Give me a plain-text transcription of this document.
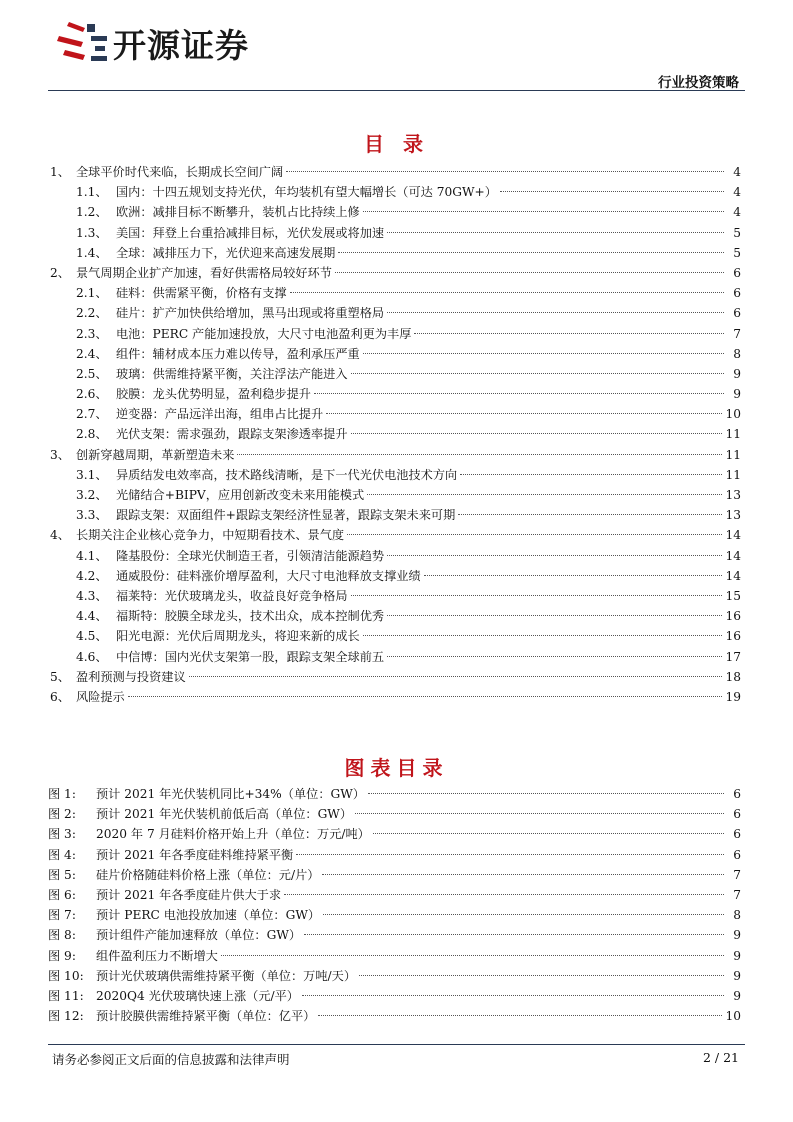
开源证券
行业投资策略
目 录
1、 全球平价时代来临，长期成长空间广阔	4
1.1、 国内：十四五规划支持光伏，年均装机有望大幅增长（可达 70GW+）	4
1.2、 欧洲：减排目标不断攀升，装机占比持续上修	4
1.3、 美国：拜登上台重拾减排目标，光伏发展或将加速	5
1.4、 全球：减排压力下，光伏迎来高速发展期	5
2、 景气周期企业扩产加速，看好供需格局较好环节	6
2.1、 硅料：供需紧平衡，价格有支撑	6
2.2、 硅片：扩产加快供给增加，黑马出现或将重塑格局	6
2.3、 电池：PERC 产能加速投放，大尺寸电池盈利更为丰厚	7
2.4、 组件：辅材成本压力难以传导，盈利承压严重	8
2.5、 玻璃：供需维持紧平衡，关注浮法产能进入	9
2.6、 胶膜：龙头优势明显，盈利稳步提升	9
2.7、 逆变器：产品远洋出海，组串占比提升	10
2.8、 光伏支架：需求强劲，跟踪支架渗透率提升	11
3、 创新穿越周期，革新塑造未来	11
3.1、 异质结发电效率高，技术路线清晰，是下一代光伏电池技术方向	11
3.2、 光储结合+BIPV，应用创新改变未来用能模式	13
3.3、 跟踪支架：双面组件+跟踪支架经济性显著，跟踪支架未来可期	13
4、 长期关注企业核心竞争力，中短期看技术、景气度	14
4.1、 隆基股份：全球光伏制造王者，引领清洁能源趋势	14
4.2、 通威股份：硅料涨价增厚盈利，大尺寸电池释放支撑业绩	14
4.3、 福莱特：光伏玻璃龙头，收益良好竞争格局	15
4.4、 福斯特：胶膜全球龙头，技术出众，成本控制优秀	16
4.5、 阳光电源：光伏后周期龙头，将迎来新的成长	16
4.6、 中信博：国内光伏支架第一股，跟踪支架全球前五	17
5、 盈利预测与投资建议	18
6、 风险提示	19
图表目录
图 1:	预计 2021 年光伏装机同比+34%（单位：GW）	6
图 2:	预计 2021 年光伏装机前低后高（单位：GW）	6
图 3:	2020 年 7 月硅料价格开始上升（单位：万元/吨）	6
图 4:	预计 2021 年各季度硅料维持紧平衡	6
图 5:	硅片价格随硅料价格上涨（单位：元/片）	7
图 6:	预计 2021 年各季度硅片供大于求	7
图 7:	预计 PERC 电池投放加速（单位：GW）	8
图 8:	预计组件产能加速释放（单位：GW）	9
图 9:	组件盈利压力不断增大	9
图 10:	预计光伏玻璃供需维持紧平衡（单位：万吨/天）	9
图 11:	2020Q4 光伏玻璃快速上涨（元/平）	9
图 12:	预计胶膜供需维持紧平衡（单位：亿平）	10
请务必参阅正文后面的信息披露和法律声明	2 / 21
